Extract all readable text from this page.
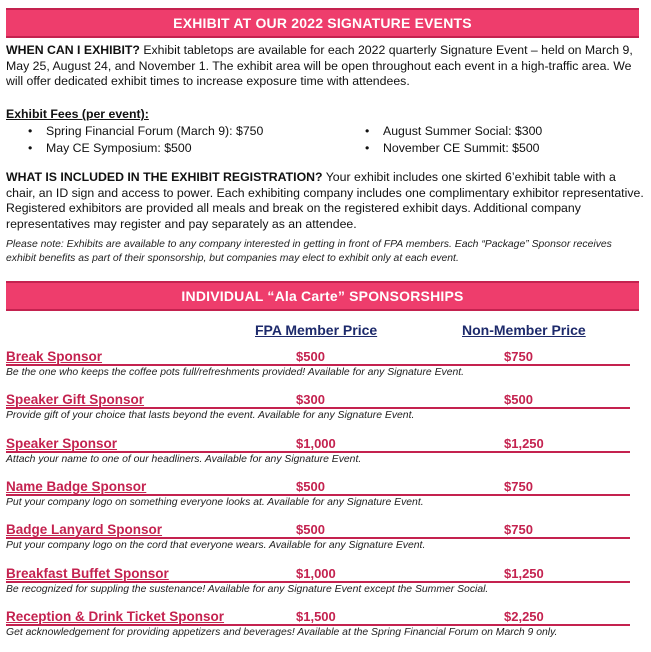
EXHIBIT AT OUR 2022 SIGNATURE EVENTS
WHEN CAN I EXHIBIT? Exhibit tabletops are available for each 2022 quarterly Signature Event – held on March 9, May 25, August 24, and November 1. The exhibit area will be open throughout each event in a high-traffic area. We will offer dedicated exhibit times to increase exposure time with attendees.
Exhibit Fees (per event):
• Spring Financial Forum (March 9): $750
• May CE Symposium: $500
• August Summer Social: $300
• November CE Summit: $500
WHAT IS INCLUDED IN THE EXHIBIT REGISTRATION? Your exhibit includes one skirted 6’exhibit table with a chair, an ID sign and access to power. Each exhibiting company includes one complimentary exhibitor representative. Registered exhibitors are provided all meals and break on the registered exhibit days. Additional company representatives may register and pay separately as an attendee.
Please note: Exhibits are available to any company interested in getting in front of FPA members. Each “Package” Sponsor receives exhibit benefits as part of their sponsorship, but companies may elect to exhibit only at each event.
INDIVIDUAL “Ala Carte” SPONSORSHIPS
FPA Member Price	Non-Member Price
Break Sponsor	$500	$750
Be the one who keeps the coffee pots full/refreshments provided! Available for any Signature Event.
Speaker Gift Sponsor	$300	$500
Provide gift of your choice that lasts beyond the event. Available for any Signature Event.
Speaker Sponsor	$1,000	$1,250
Attach your name to one of our headliners. Available for any Signature Event.
Name Badge Sponsor	$500	$750
Put your company logo on something everyone looks at. Available for any Signature Event.
Badge Lanyard Sponsor	$500	$750
Put your company logo on the cord that everyone wears. Available for any Signature Event.
Breakfast Buffet Sponsor	$1,000	$1,250
Be recognized for suppling the sustenance! Available for any Signature Event except the Summer Social.
Reception & Drink Ticket Sponsor	$1,500	$2,250
Get acknowledgement for providing appetizers and beverages! Available at the Spring Financial Forum on March 9 only.
